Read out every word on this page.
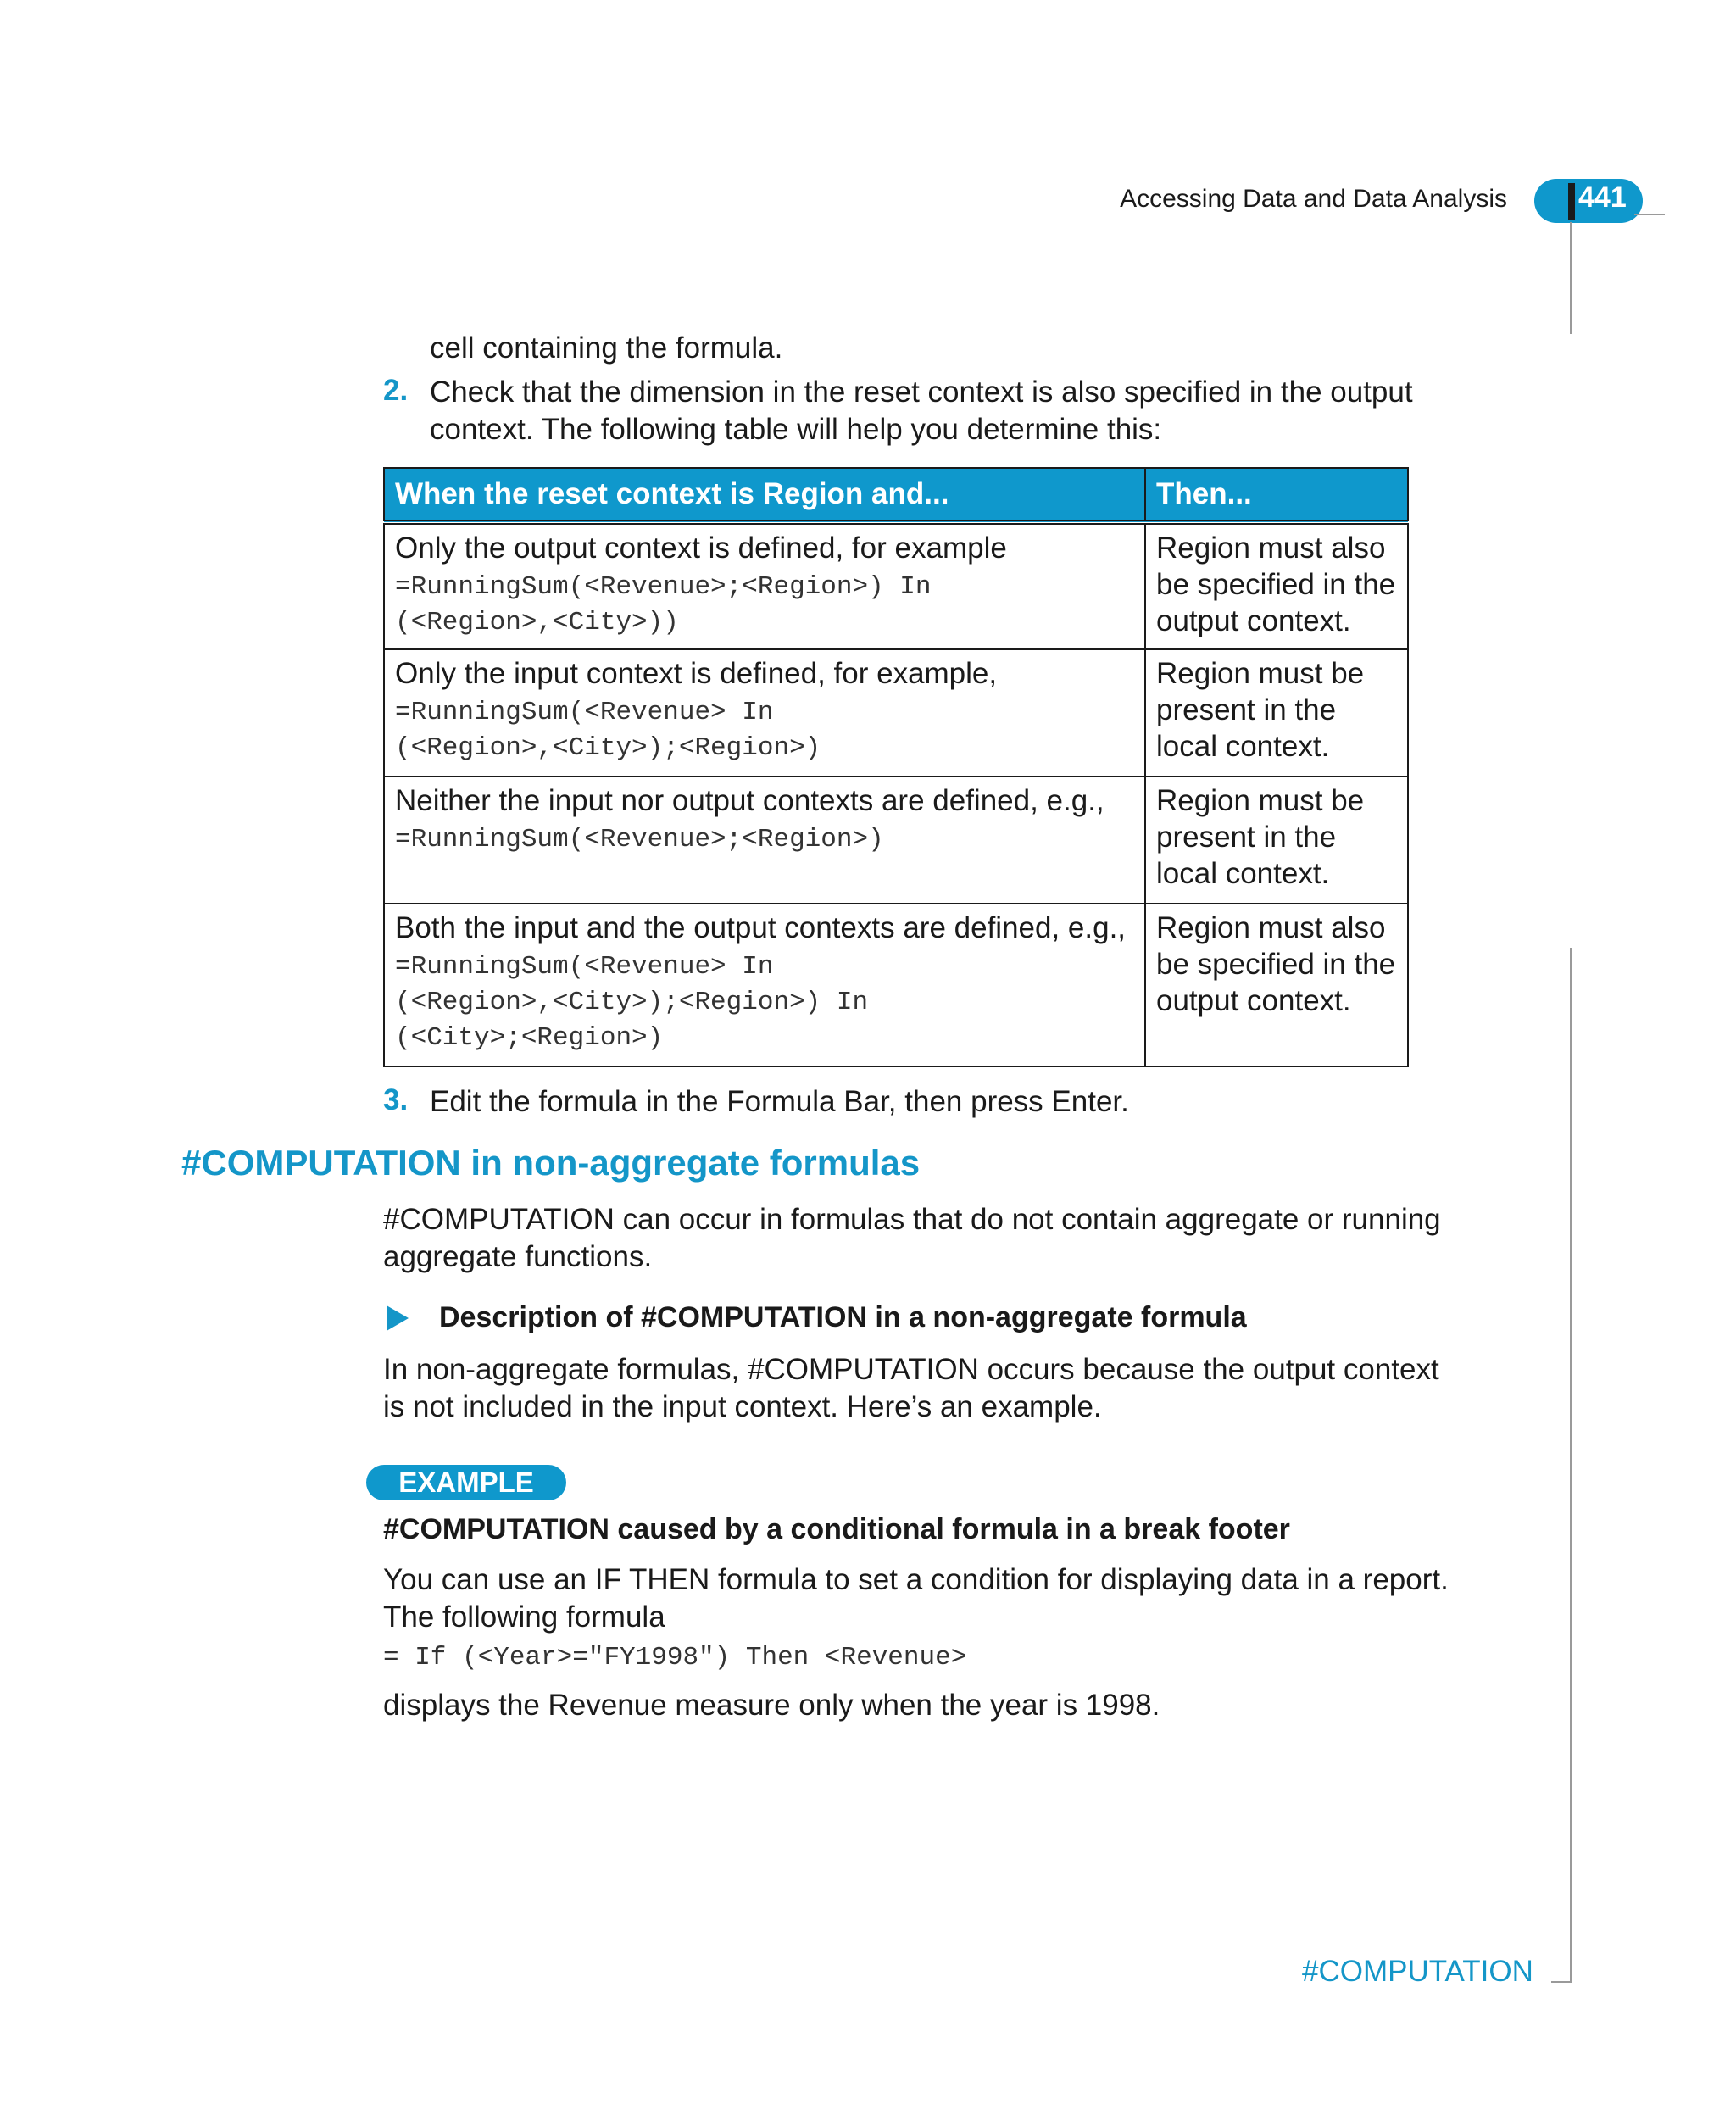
Accessing Data and Data Analysis 441
cell containing the formula.
2. Check that the dimension in the reset context is also specified in the output
context. The following table will help you determine this:
When the reset context is Region and...	Then...

Only the output context is defined, for example
=RunningSum(<Revenue>;<Region>) In
(<Region>,<City>))	Region must also be specified in the output context.

Only the input context is defined, for example,
=RunningSum(<Revenue> In
(<Region>,<City>);<Region>)	Region must be present in the local context.

Neither the input nor output contexts are defined, e.g.,
=RunningSum(<Revenue>;<Region>)	Region must be present in the local context.

Both the input and the output contexts are defined, e.g.,
=RunningSum(<Revenue> In
(<Region>,<City>);<Region>) In
(<City>;<Region>)	Region must also be specified in the output context.
3. Edit the formula in the Formula Bar, then press Enter.
#COMPUTATION in non-aggregate formulas
#COMPUTATION can occur in formulas that do not contain aggregate or running
aggregate functions.
Description of #COMPUTATION in a non-aggregate formula
In non-aggregate formulas, #COMPUTATION occurs because the output context
is not included in the input context. Here’s an example.
EXAMPLE
#COMPUTATION caused by a conditional formula in a break footer
You can use an IF THEN formula to set a condition for displaying data in a report.
The following formula
= If (<Year>="FY1998") Then <Revenue>
displays the Revenue measure only when the year is 1998.
#COMPUTATION
